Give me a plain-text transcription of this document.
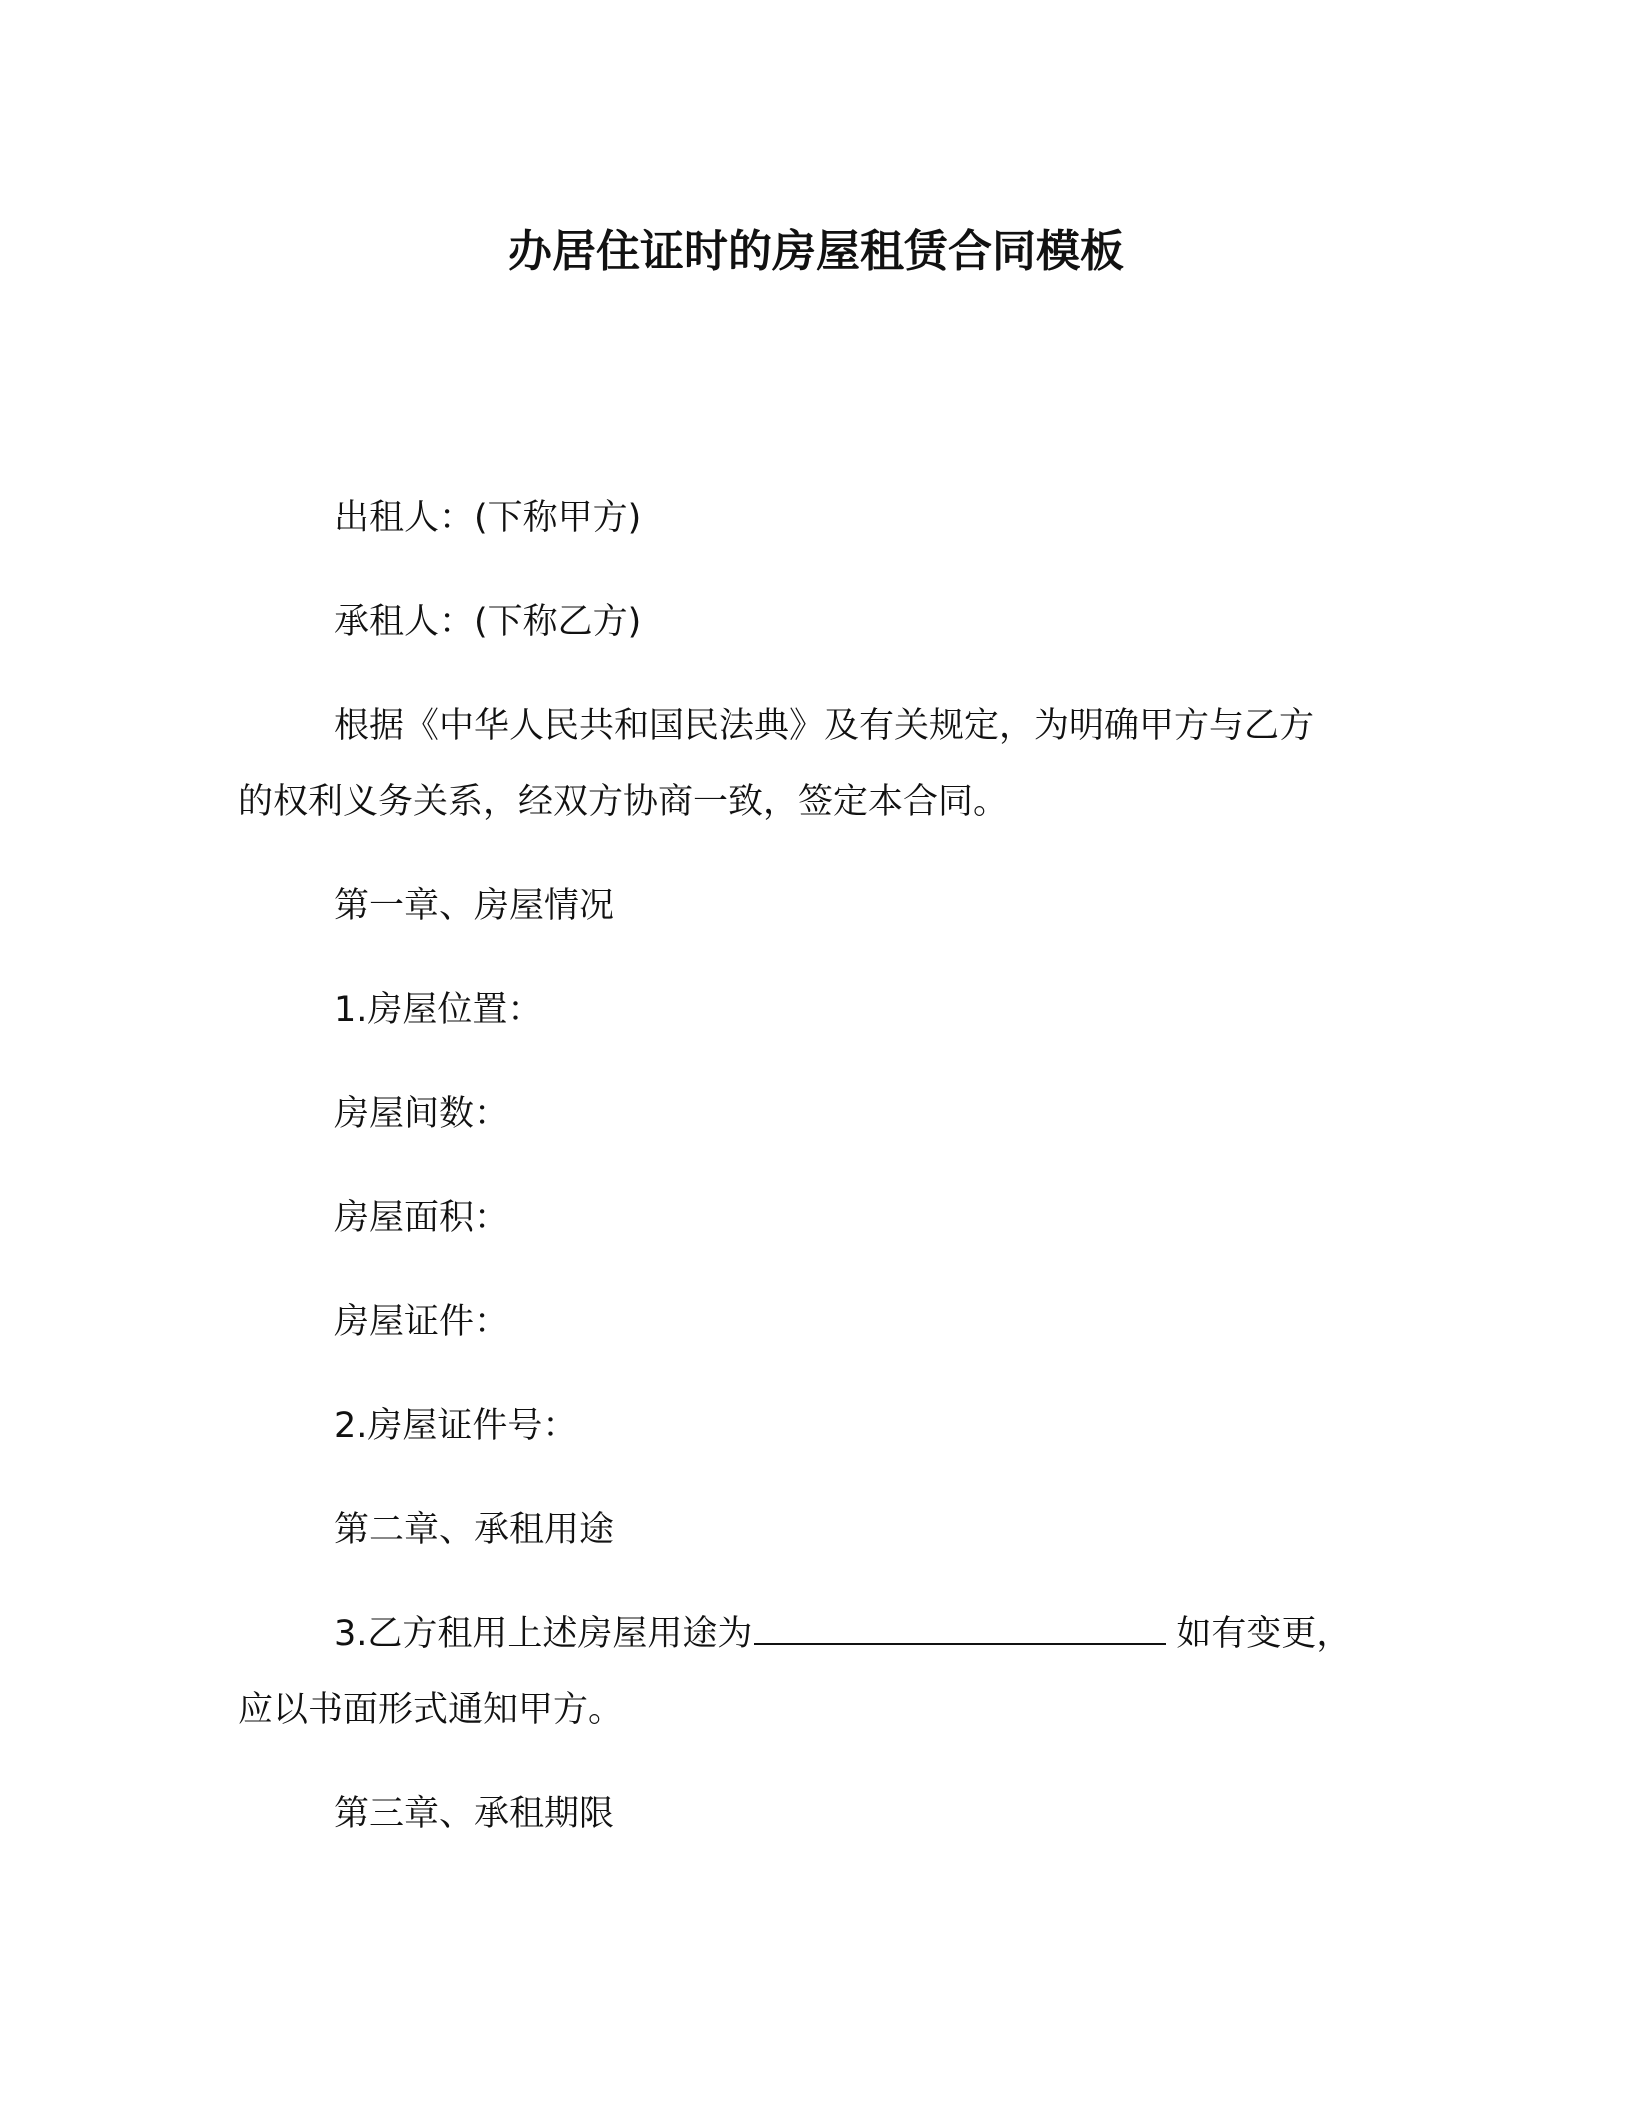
办居住证时的房屋租赁合同模板

出租人：(下称甲方)

承租人：(下称乙方)

根据《中华人民共和国民法典》及有关规定，为明确甲方与乙方

的权利义务关系，经双方协商一致，签定本合同。

第一章、房屋情况

1.房屋位置：

房屋间数：

房屋面积：

房屋证件：

2.房屋证件号：

第二章、承租用途

3.乙方租用上述房屋用途为	如有变更，

应以书面形式通知甲方。

第三章、承租期限
